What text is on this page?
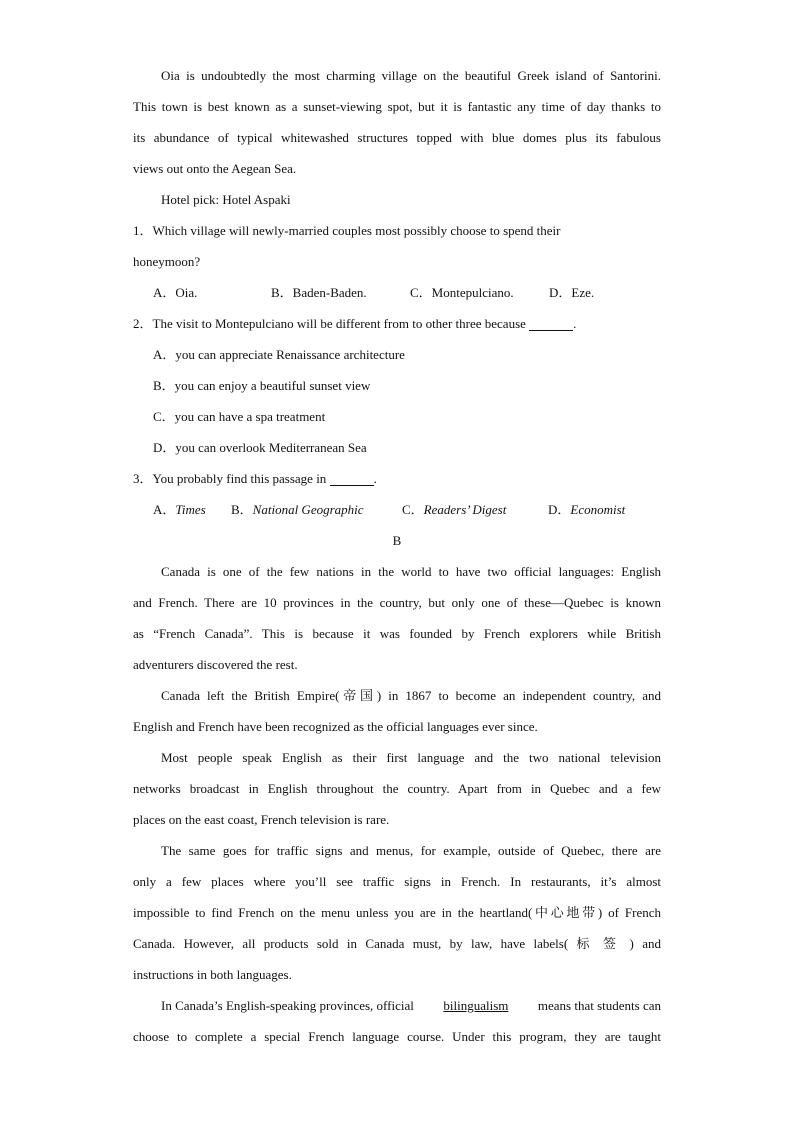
Oia is undoubtedly the most charming village on the beautiful Greek island of Santorini.
This town is best known as a sunset-viewing spot, but it is fantastic any time of day thanks to
its abundance of typical whitewashed structures topped with blue domes plus its fabulous
views out onto the Aegean Sea.
Hotel pick: Hotel Aspaki
1．Which village will newly-married couples most possibly choose to spend their
honeymoon?
A．Oia.	B．Baden-Baden.	C．Montepulciano.	D．Eze.
2．The visit to Montepulciano will be different from to other three because	.
A．you can appreciate Renaissance architecture
B．you can enjoy a beautiful sunset view
C．you can have a spa treatment
D．you can overlook Mediterranean Sea
3．You probably find this passage in	.
A．Times	B．National Geographic	C．Readers’ Digest	D．Economist
B
Canada is one of the few nations in the world to have two official languages: English
and French. There are 10 provinces in the country, but only one of these—Quebec is known
as “French Canada”. This is because it was founded by French explorers while British
adventurers discovered the rest.
Canada left the British Empire(帝国) in 1867 to become an independent country, and
English and French have been recognized as the official languages ever since.
Most people speak English as their first language and the two national television
networks broadcast in English throughout the country. Apart from in Quebec and a few
places on the east coast, French television is rare.
The same goes for traffic signs and menus, for example, outside of Quebec, there are
only a few places where you’ll see traffic signs in French. In restaurants, it’s almost
impossible to find French on the menu unless you are in the heartland(中心地带) of French
Canada. However, all products sold in Canada must, by law, have labels( 标 签 ) and
instructions in both languages.
In Canada’s English-speaking provinces, official bilingualism means that students can
choose to complete a special French language course. Under this program, they are taught
